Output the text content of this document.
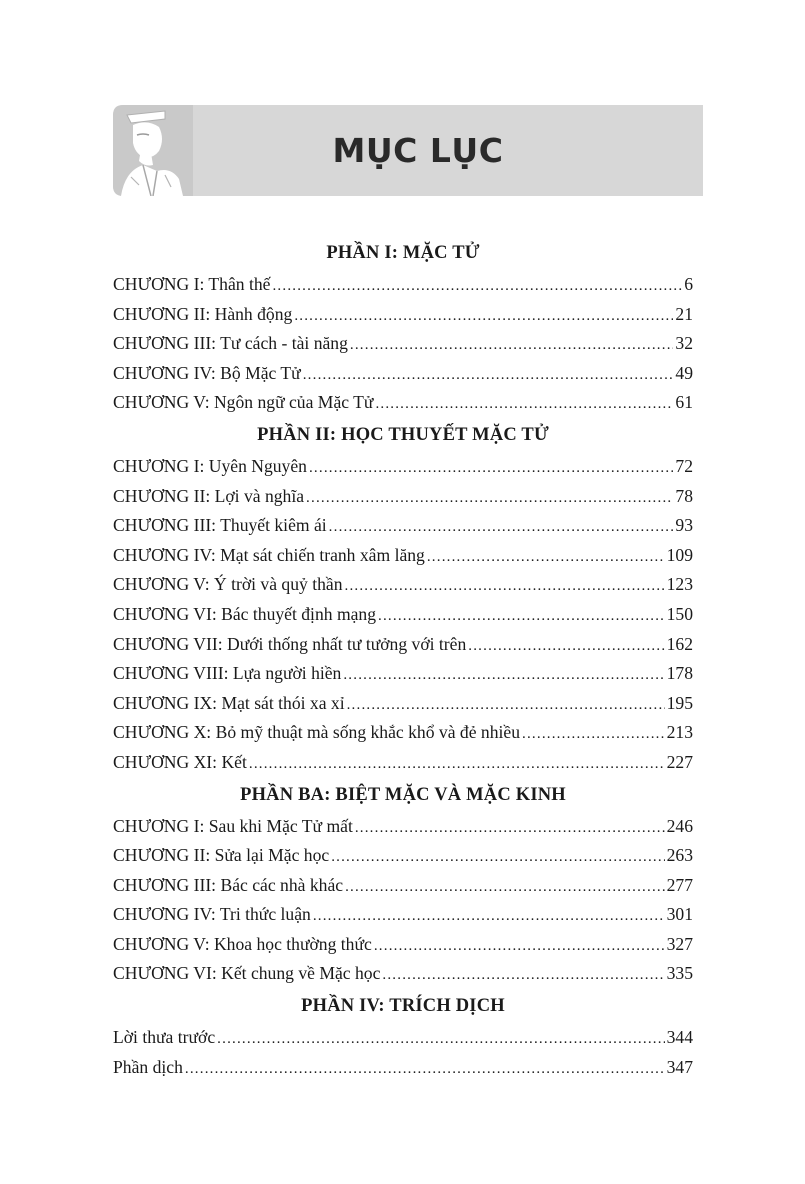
MỤC LỤC
PHẦN I: MẶC TỬ
CHƯƠNG I: Thân thế .....	6
CHƯƠNG II: Hành động .....	21
CHƯƠNG III: Tư cách - tài năng .....	32
CHƯƠNG IV: Bộ Mặc Tử .....	49
CHƯƠNG V: Ngôn ngữ của Mặc Tử .....	61
PHẦN II: HỌC THUYẾT MẶC TỬ
CHƯƠNG I: Uyên Nguyên .....	72
CHƯƠNG II: Lợi và nghĩa .....	78
CHƯƠNG III: Thuyết kiêm ái .....	93
CHƯƠNG IV: Mạt sát chiến tranh xâm lăng .....	109
CHƯƠNG V: Ý trời và quỷ thần .....	123
CHƯƠNG VI: Bác thuyết định mạng .....	150
CHƯƠNG VII: Dưới thống nhất tư tưởng với trên .....	162
CHƯƠNG VIII: Lựa người hiền .....	178
CHƯƠNG IX: Mạt sát thói xa xỉ .....	195
CHƯƠNG X: Bỏ mỹ thuật mà sống khắc khổ và đẻ nhiều .....	213
CHƯƠNG XI: Kết .....	227
PHẦN BA: BIỆT MẶC VÀ MẶC KINH
CHƯƠNG I: Sau khi Mặc Tử mất .....	246
CHƯƠNG II: Sửa lại Mặc học .....	263
CHƯƠNG III: Bác các nhà khác .....	277
CHƯƠNG IV: Tri thức luận .....	301
CHƯƠNG V: Khoa học thường thức .....	327
CHƯƠNG VI: Kết chung về Mặc học .....	335
PHẦN IV: TRÍCH DỊCH
Lời thưa trước .....	344
Phần dịch .....	347
